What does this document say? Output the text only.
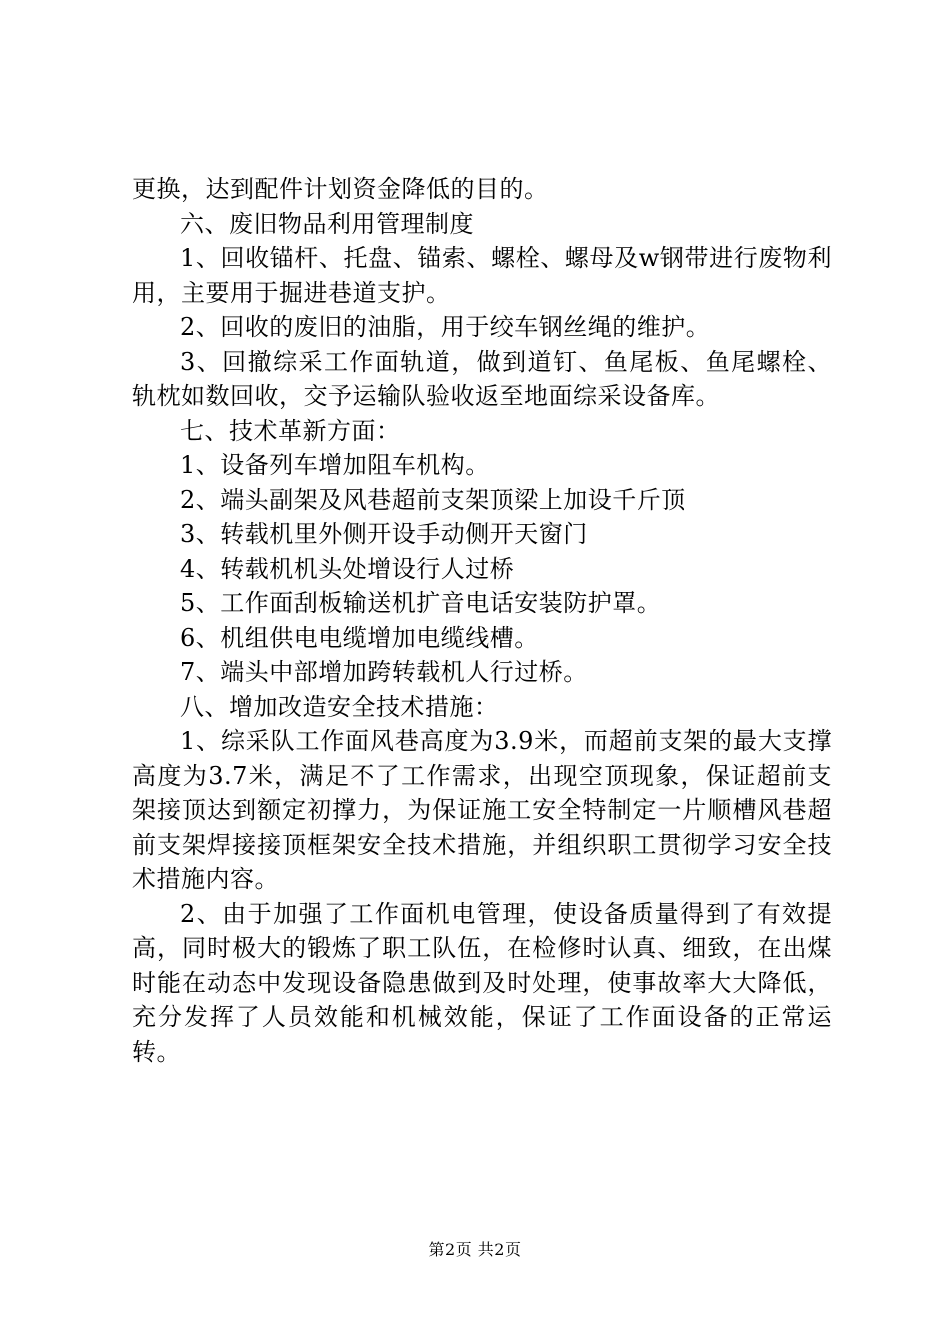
更换，达到配件计划资金降低的目的。

六、废旧物品利用管理制度

1、回收锚杆、托盘、锚索、螺栓、螺母及w钢带进行废物利用，主要用于掘进巷道支护。

2、回收的废旧的油脂，用于绞车钢丝绳的维护。

3、回撤综采工作面轨道，做到道钉、鱼尾板、鱼尾螺栓、轨枕如数回收，交予运输队验收返至地面综采设备库。

七、技术革新方面：

1、设备列车增加阻车机构。

2、端头副架及风巷超前支架顶梁上加设千斤顶

3、转载机里外侧开设手动侧开天窗门

4、转载机机头处增设行人过桥

5、工作面刮板输送机扩音电话安装防护罩。

6、机组供电电缆增加电缆线槽。

7、端头中部增加跨转载机人行过桥。

八、增加改造安全技术措施：

1、综采队工作面风巷高度为3.9米，而超前支架的最大支撑高度为3.7米，满足不了工作需求，出现空顶现象，保证超前支架接顶达到额定初撑力，为保证施工安全特制定一片顺槽风巷超前支架焊接接顶框架安全技术措施，并组织职工贯彻学习安全技术措施内容。

2、由于加强了工作面机电管理，使设备质量得到了有效提高，同时极大的锻炼了职工队伍，在检修时认真、细致，在出煤时能在动态中发现设备隐患做到及时处理，使事故率大大降低，充分发挥了人员效能和机械效能，保证了工作面设备的正常运转。

第2页 共2页
